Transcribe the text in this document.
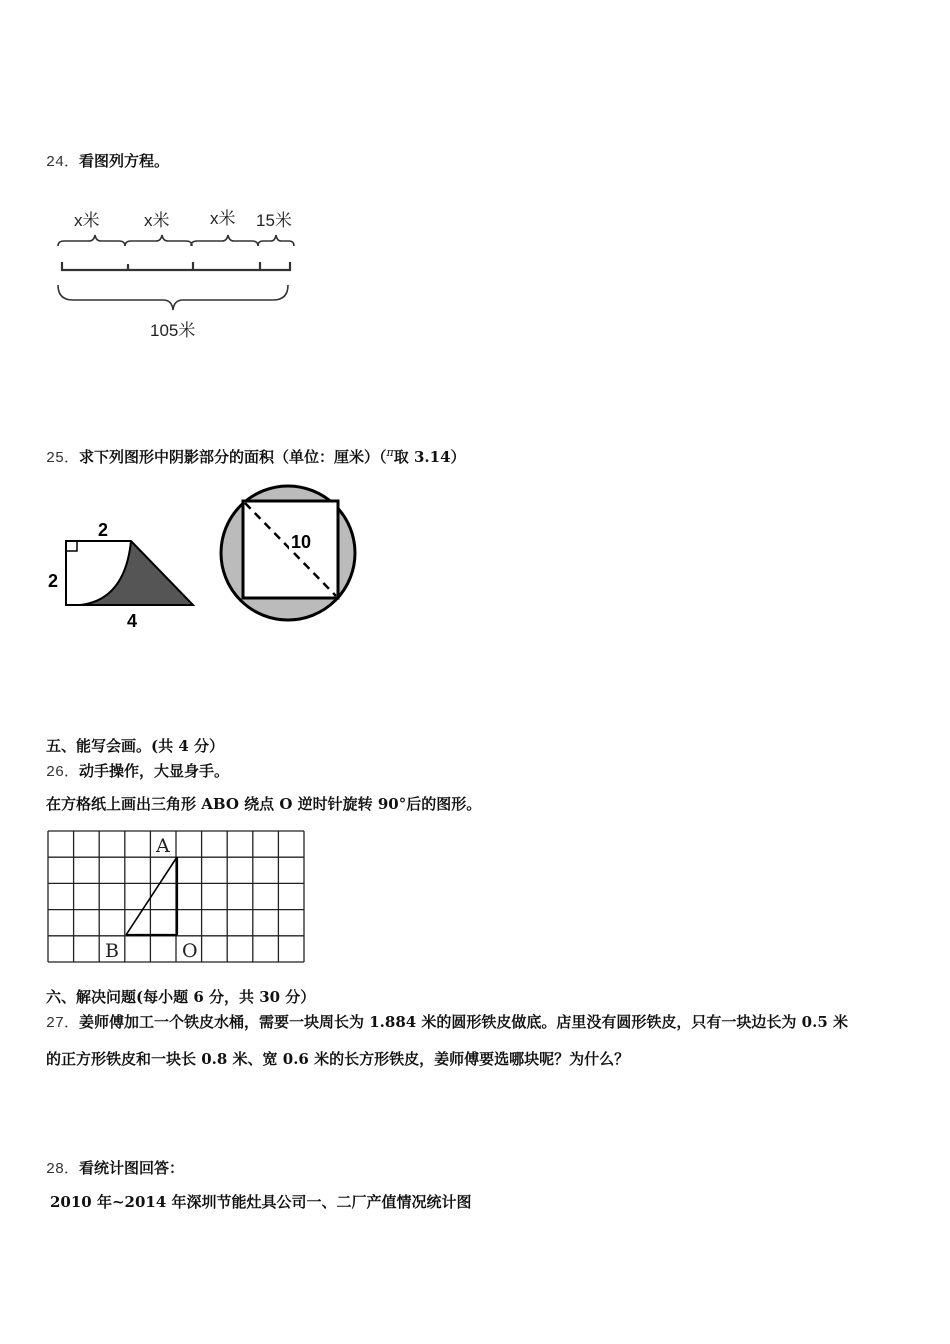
24．看图列方程。
x米	x米 x米 15米
105米
25．求下列图形中阴影部分的面积（单位：厘米）（$^\pi$取 3.14）
2
2
4
10
五、能写会画。(共 4 分）
26．动手操作，大显身手。
在方格纸上画出三角形 ABO 绕点 O 逆时针旋转 90°后的图形。
A
B	O
六、解决问题(每小题 6 分，共 30 分）
27．姜师傅加工一个铁皮水桶，需要一块周长为 1.884 米的圆形铁皮做底。店里没有圆形铁皮，只有一块边长为 0.5 米
的正方形铁皮和一块长 0.8 米、宽 0.6 米的长方形铁皮，姜师傅要选哪块呢？为什么？
28．看统计图回答：
2010 年~2014 年深圳节能灶具公司一、二厂产值情况统计图
